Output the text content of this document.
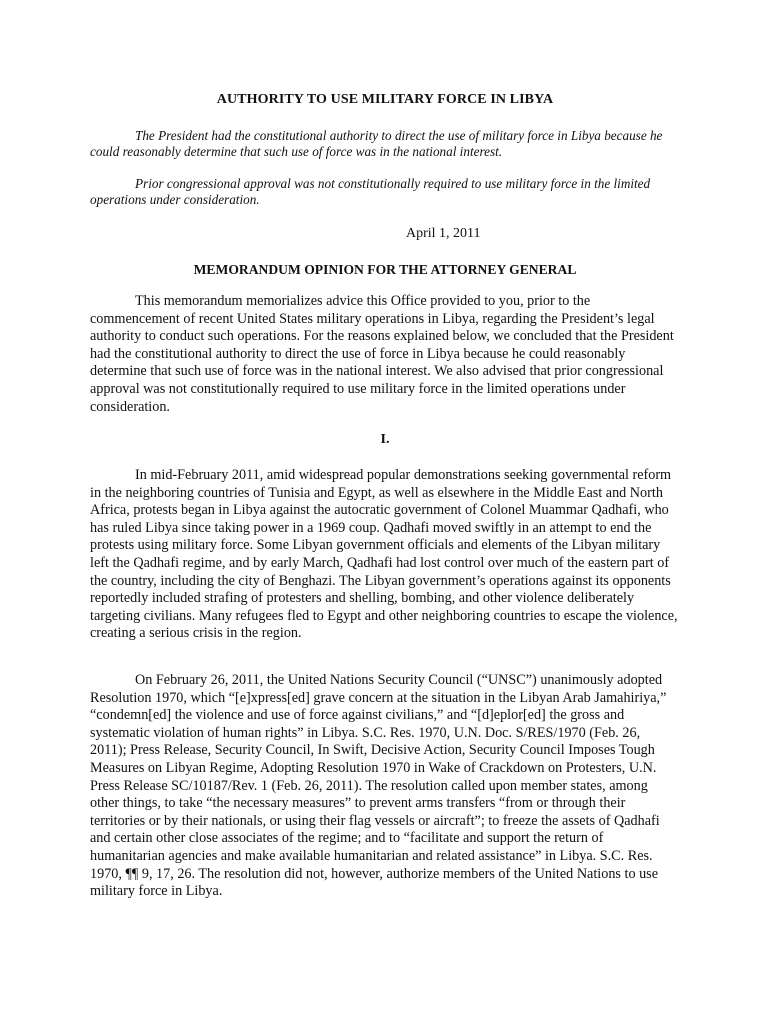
AUTHORITY TO USE MILITARY FORCE IN LIBYA

The President had the constitutional authority to direct the use of military force in Libya because he could reasonably determine that such use of force was in the national interest.

Prior congressional approval was not constitutionally required to use military force in the limited operations under consideration.

April 1, 2011

MEMORANDUM OPINION FOR THE ATTORNEY GENERAL

This memorandum memorializes advice this Office provided to you, prior to the commencement of recent United States military operations in Libya, regarding the President’s legal authority to conduct such operations. For the reasons explained below, we concluded that the President had the constitutional authority to direct the use of force in Libya because he could reasonably determine that such use of force was in the national interest. We also advised that prior congressional approval was not constitutionally required to use military force in the limited operations under consideration.

I.

In mid-February 2011, amid widespread popular demonstrations seeking governmental reform in the neighboring countries of Tunisia and Egypt, as well as elsewhere in the Middle East and North Africa, protests began in Libya against the autocratic government of Colonel Muammar Qadhafi, who has ruled Libya since taking power in a 1969 coup. Qadhafi moved swiftly in an attempt to end the protests using military force. Some Libyan government officials and elements of the Libyan military left the Qadhafi regime, and by early March, Qadhafi had lost control over much of the eastern part of the country, including the city of Benghazi. The Libyan government’s operations against its opponents reportedly included strafing of protesters and shelling, bombing, and other violence deliberately targeting civilians. Many refugees fled to Egypt and other neighboring countries to escape the violence, creating a serious crisis in the region.

On February 26, 2011, the United Nations Security Council (“UNSC”) unanimously adopted Resolution 1970, which “[e]xpress[ed] grave concern at the situation in the Libyan Arab Jamahiriya,” “condemn[ed] the violence and use of force against civilians,” and “[d]eplor[ed] the gross and systematic violation of human rights” in Libya. S.C. Res. 1970, U.N. Doc. S/RES/1970 (Feb. 26, 2011); Press Release, Security Council, In Swift, Decisive Action, Security Council Imposes Tough Measures on Libyan Regime, Adopting Resolution 1970 in Wake of Crackdown on Protesters, U.N. Press Release SC/10187/Rev. 1 (Feb. 26, 2011). The resolution called upon member states, among other things, to take “the necessary measures” to prevent arms transfers “from or through their territories or by their nationals, or using their flag vessels or aircraft”; to freeze the assets of Qadhafi and certain other close associates of the regime; and to “facilitate and support the return of humanitarian agencies and make available humanitarian and related assistance” in Libya. S.C. Res. 1970, ¶¶ 9, 17, 26. The resolution did not, however, authorize members of the United Nations to use military force in Libya.
